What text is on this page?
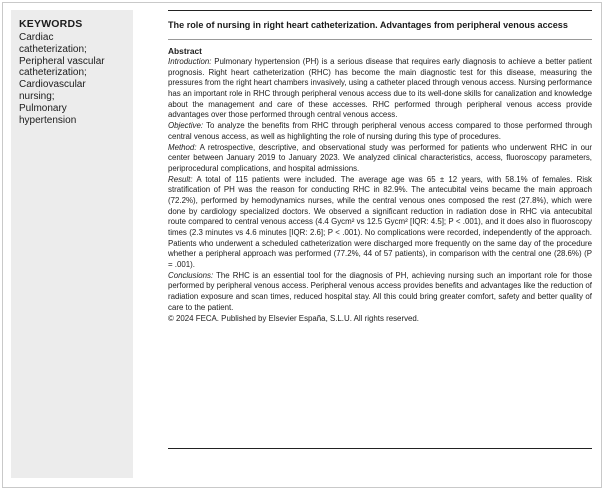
KEYWORDS
Cardiac
catheterization;
Peripheral vascular
catheterization;
Cardiovascular
nursing;
Pulmonary
hypertension
The role of nursing in right heart catheterization. Advantages from peripheral venous access
Abstract

Introduction: Pulmonary hypertension (PH) is a serious disease that requires early diagnosis to achieve a better patient prognosis. Right heart catheterization (RHC) has become the main diagnostic test for this disease, measuring the pressures from the right heart chambers invasively, using a catheter placed through venous access. Nursing performance has an important role in RHC through peripheral venous access due to its well-done skills for canalization and knowledge about the management and care of these accesses. RHC performed through peripheral venous access provide advantages over those performed through central venous access.

Objective: To analyze the benefits from RHC through peripheral venous access compared to those performed through central venous access, as well as highlighting the role of nursing during this type of procedures.

Method: A retrospective, descriptive, and observational study was performed for patients who underwent RHC in our center between January 2019 to January 2023. We analyzed clinical characteristics, access, fluoroscopy parameters, periprocedural complications, and hospital admissions.

Result: A total of 115 patients were included. The average age was 65 ± 12 years, with 58.1% of females. Risk stratification of PH was the reason for conducting RHC in 82.9%. The antecubital veins became the main approach (72.2%), performed by hemodynamics nurses, while the central venous ones composed the rest (27.8%), which were done by cardiology specialized doctors. We observed a significant reduction in radiation dose in RHC via antecubital route compared to central venous access (4.4 Gycm² vs 12.5 Gycm² [IQR: 4.5]; P < .001), and it does also in fluoroscopy times (2.3 minutes vs 4.6 minutes [IQR: 2.6]; P < .001). No complications were recorded, independently of the approach. Patients who underwent a scheduled catheterization were discharged more frequently on the same day of the procedure whether a peripheral approach was performed (77.2%, 44 of 57 patients), in comparison with the central one (28.6%) (P = .001).

Conclusions: The RHC is an essential tool for the diagnosis of PH, achieving nursing such an important role for those performed by peripheral venous access. Peripheral venous access provides benefits and advantages like the reduction of radiation exposure and scan times, reduced hospital stay. All this could bring greater comfort, safety and better quality of care to the patient.

© 2024 FECA. Published by Elsevier España, S.L.U. All rights reserved.
